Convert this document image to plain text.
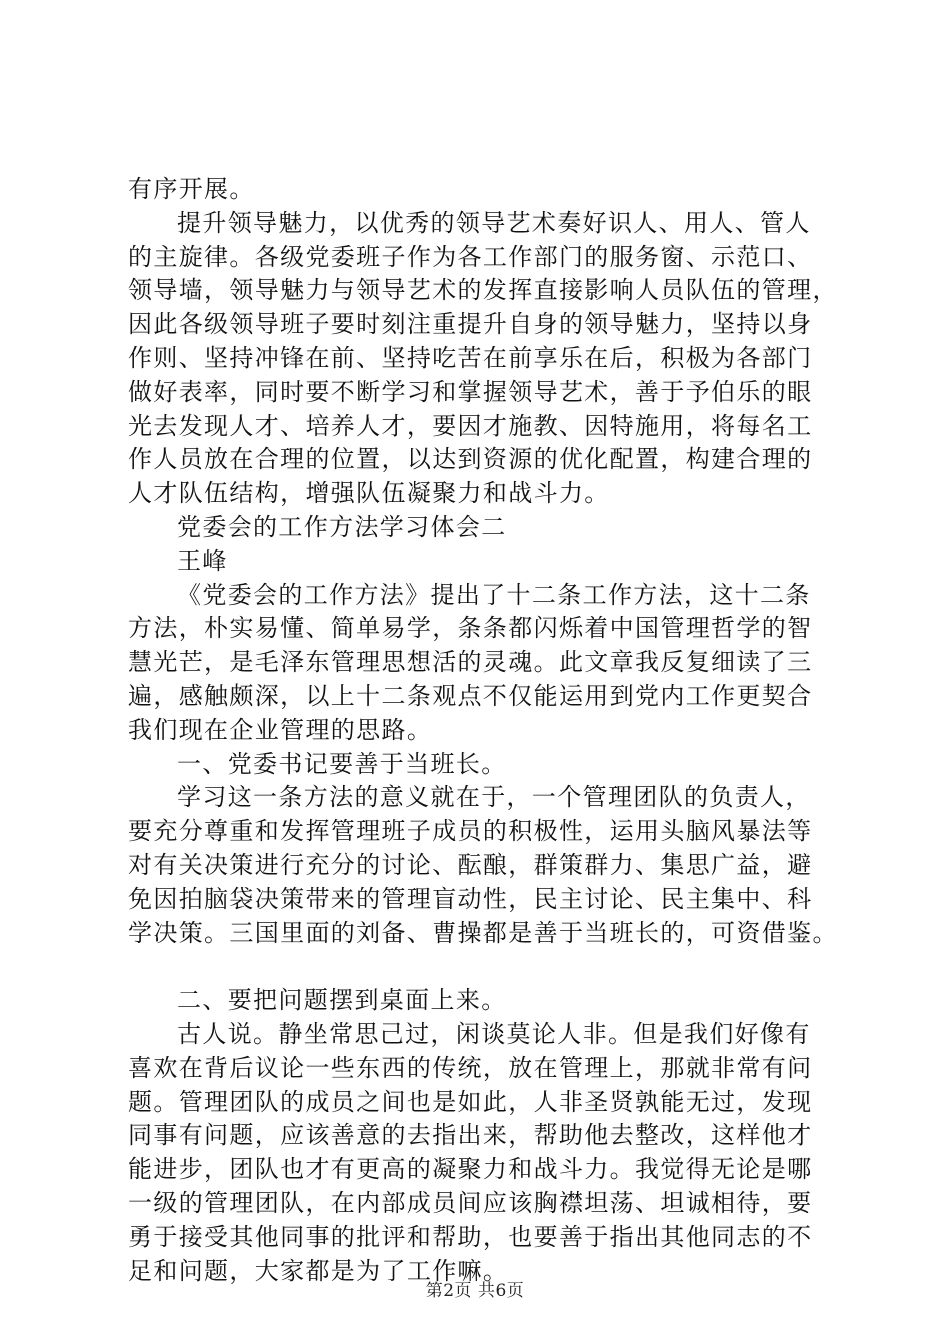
有序开展。
提升领导魅力，以优秀的领导艺术奏好识人、用人、管人
的主旋律。各级党委班子作为各工作部门的服务窗、示范口、
领导墙，领导魅力与领导艺术的发挥直接影响人员队伍的管理，
因此各级领导班子要时刻注重提升自身的领导魅力，坚持以身
作则、坚持冲锋在前、坚持吃苦在前享乐在后，积极为各部门
做好表率，同时要不断学习和掌握领导艺术，善于予伯乐的眼
光去发现人才、培养人才，要因才施教、因特施用，将每名工
作人员放在合理的位置，以达到资源的优化配置，构建合理的
人才队伍结构，增强队伍凝聚力和战斗力。
党委会的工作方法学习体会二
王峰
《党委会的工作方法》提出了十二条工作方法，这十二条
方法，朴实易懂、简单易学，条条都闪烁着中国管理哲学的智
慧光芒，是毛泽东管理思想活的灵魂。此文章我反复细读了三
遍，感触颇深，以上十二条观点不仅能运用到党内工作更契合
我们现在企业管理的思路。
一、党委书记要善于当班长。
学习这一条方法的意义就在于，一个管理团队的负责人，
要充分尊重和发挥管理班子成员的积极性，运用头脑风暴法等
对有关决策进行充分的讨论、酝酿，群策群力、集思广益，避
免因拍脑袋决策带来的管理盲动性，民主讨论、民主集中、科
学决策。三国里面的刘备、曹操都是善于当班长的，可资借鉴。
二、要把问题摆到桌面上来。
古人说。静坐常思己过，闲谈莫论人非。但是我们好像有
喜欢在背后议论一些东西的传统，放在管理上，那就非常有问
题。管理团队的成员之间也是如此，人非圣贤孰能无过，发现
同事有问题，应该善意的去指出来，帮助他去整改，这样他才
能进步，团队也才有更高的凝聚力和战斗力。我觉得无论是哪
一级的管理团队，在内部成员间应该胸襟坦荡、坦诚相待，要
勇于接受其他同事的批评和帮助，也要善于指出其他同志的不
足和问题，大家都是为了工作嘛。
第2页 共6页
